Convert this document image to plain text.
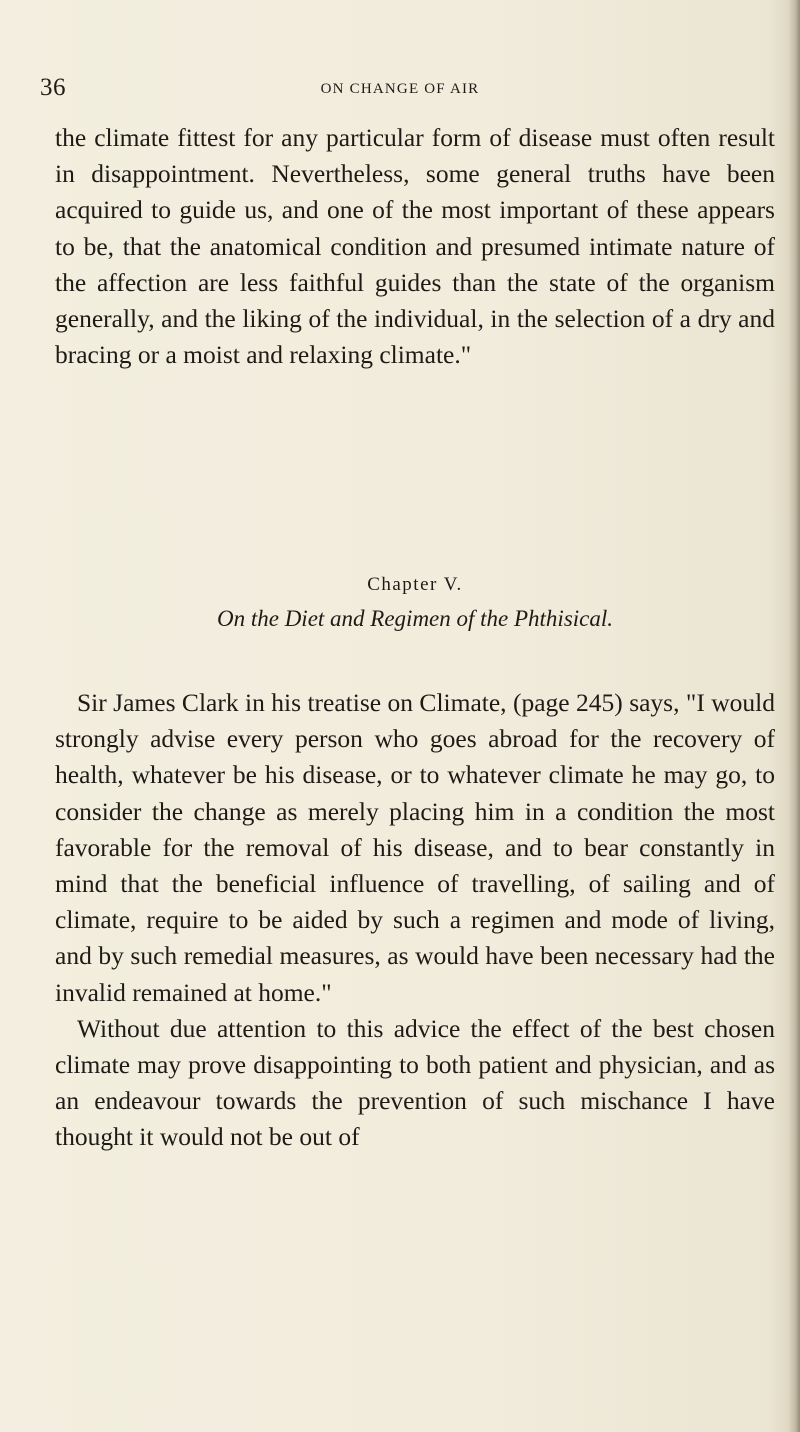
36	ON CHANGE OF AIR

the climate fittest for any particular form of disease must often result in disappointment. Nevertheless, some general truths have been acquired to guide us, and one of the most important of these appears to be, that the anatomical condition and presumed intimate nature of the affection are less faithful guides than the state of the organism generally, and the liking of the individual, in the selection of a dry and bracing or a moist and relaxing climate."

Chapter V.
On the Diet and Regimen of the Phthisical.

Sir James Clark in his treatise on Climate, (page 245) says, "I would strongly advise every person who goes abroad for the recovery of health, whatever be his disease, or to whatever climate he may go, to consider the change as merely placing him in a condition the most favorable for the removal of his disease, and to bear constantly in mind that the beneficial influence of travelling, of sailing and of climate, require to be aided by such a regimen and mode of living, and by such remedial measures, as would have been necessary had the invalid remained at home."

Without due attention to this advice the effect of the best chosen climate may prove disappointing to both patient and physician, and as an endeavour towards the prevention of such mischance I have thought it would not be out of
